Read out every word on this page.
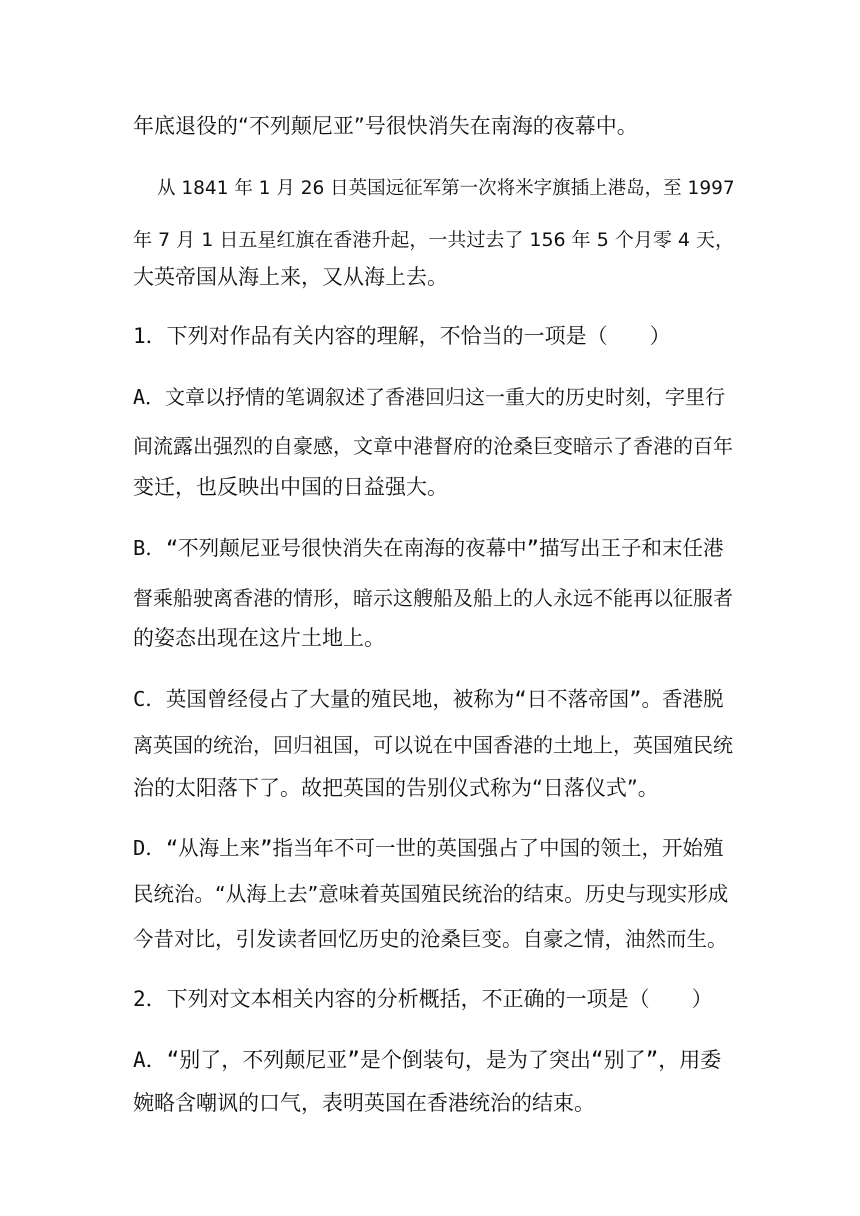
年底退役的“不列颠尼亚”号很快消失在南海的夜幕中。
从 1841 年 1 月 26 日英国远征军第一次将米字旗插上港岛，至 1997
年 7 月 1 日五星红旗在香港升起，一共过去了 156 年 5 个月零 4 天，
大英帝国从海上来，又从海上去。
1．下列对作品有关内容的理解，不恰当的一项是（　　）
A．文章以抒情的笔调叙述了香港回归这一重大的历史时刻，字里行
间流露出强烈的自豪感，文章中港督府的沧桑巨变暗示了香港的百年
变迁，也反映出中国的日益强大。
B．“不列颠尼亚号很快消失在南海的夜幕中”描写出王子和末任港
督乘船驶离香港的情形，暗示这艘船及船上的人永远不能再以征服者
的姿态出现在这片土地上。
C．英国曾经侵占了大量的殖民地，被称为“日不落帝国”。香港脱
离英国的统治，回归祖国，可以说在中国香港的土地上，英国殖民统
治的太阳落下了。故把英国的告别仪式称为“日落仪式”。
D．“从海上来”指当年不可一世的英国强占了中国的领土，开始殖
民统治。“从海上去”意味着英国殖民统治的结束。历史与现实形成
今昔对比，引发读者回忆历史的沧桑巨变。自豪之情，油然而生。
2．下列对文本相关内容的分析概括，不正确的一项是（　　）
A．“别了，不列颠尼亚”是个倒装句，是为了突出“别了”，用委
婉略含嘲讽的口气，表明英国在香港统治的结束。
